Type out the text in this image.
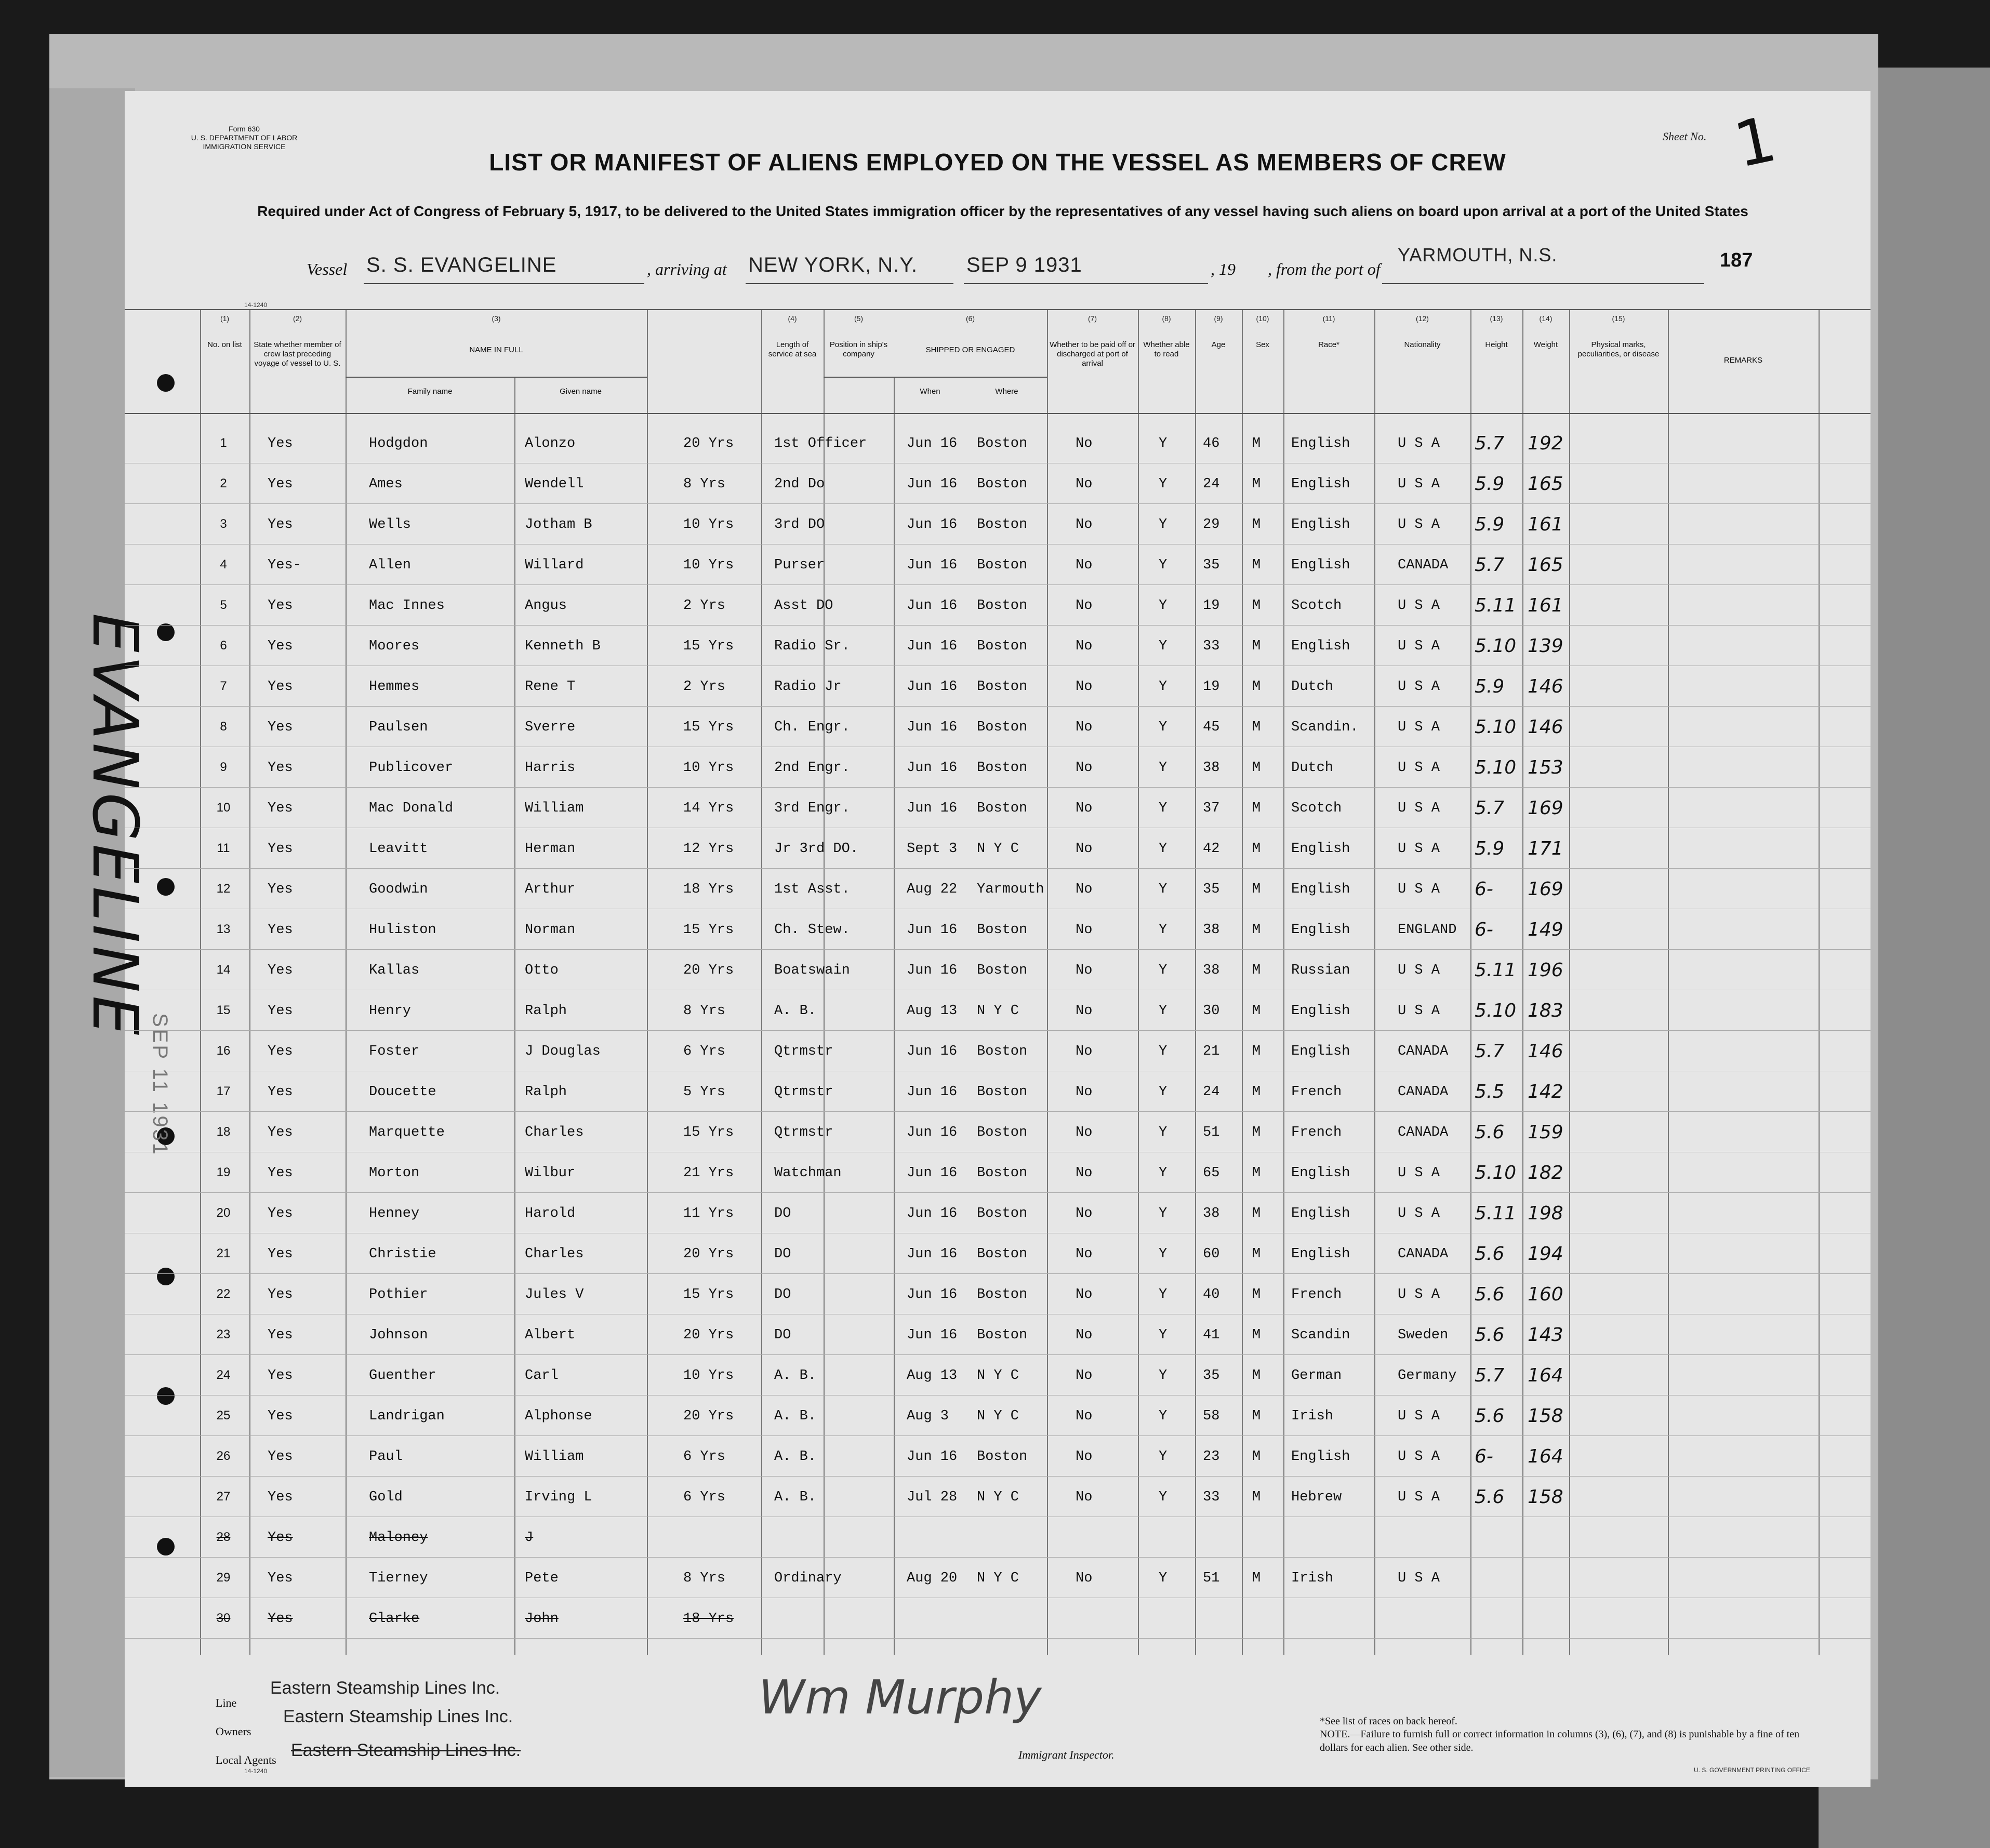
Form 630
U. S. DEPARTMENT OF LABOR
IMMIGRATION SERVICE
Sheet No. 1
LIST OR MANIFEST OF ALIENS EMPLOYED ON THE VESSEL AS MEMBERS OF CREW
Required under Act of Congress of February 5, 1917, to be delivered to the United States immigration officer by the representatives of any vessel having such aliens on board upon arrival at a port of the United States
Vessel S. S. EVANGELINE	, arriving at NEW YORK, N.Y. SEP 9 1931	, 19 , from the port of
YARMOUTH, N.S.	187
14-1240
EVANGELINE
SEP 11 1931
(1)
No. on list
(2)
State whether member of crew last preceding voyage of vessel to U. S.
(3)
NAME IN FULL
(4)
Length of service at sea
(5)
Position in ship's company
(6)
SHIPPED OR ENGAGED
(7)
Whether to be paid off or discharged at port of arrival
(8)
Whether able to read
(9)
Age
(10)
Sex
(11)
Race*
(12)
Nationality
(13)
Height
(14)
Weight
(15)
Physical marks, peculiarities, or disease
REMARKS
Family name	Given name	When	Where
1	Yes	Hodgdon	Alonzo	20 Yrs	1st Officer	Jun 16 Boston	No	Y	46 M English	U S A 5.7 192
2	Yes	Ames	Wendell	8 Yrs	2nd Do	Jun 16 Boston	No	Y	24 M English	U S A 5.9 165
3	Yes	Wells	Jotham B	10 Yrs	3rd DO	Jun 16 Boston	No	Y	29 M English	U S A 5.9 161
4	Yes-	Allen	Willard	10 Yrs	Purser	Jun 16 Boston	No	Y	35 M English	CANADA 5.7 165
5	Yes	Mac Innes	Angus	2 Yrs	Asst DO	Jun 16 Boston	No	Y	19 M Scotch	U S A 5.11 161
6	Yes	Moores	Kenneth B	15 Yrs	Radio Sr.	Jun 16 Boston	No	Y	33 M English	U S A 5.10 139
7	Yes	Hemmes	Rene T	2 Yrs	Radio Jr	Jun 16 Boston	No	Y	19 M Dutch	U S A 5.9 146
8	Yes	Paulsen	Sverre	15 Yrs	Ch. Engr.	Jun 16 Boston	No	Y	45 M Scandin.	U S A 5.10 146
9	Yes	Publicover	Harris	10 Yrs	2nd Engr.	Jun 16 Boston	No	Y	38 M Dutch	U S A 5.10 153
10	Yes	Mac Donald	William	14 Yrs	3rd Engr.	Jun 16 Boston	No	Y	37 M Scotch	U S A 5.7 169
11	Yes	Leavitt	Herman	12 Yrs	Jr 3rd DO.	Sept 3 N Y C	No	Y	42 M English	U S A 5.9 171
12	Yes	Goodwin	Arthur	18 Yrs	1st Asst.	Aug 22 Yarmouth No	Y	35 M English	U S A 6- 169
13	Yes	Huliston	Norman	15 Yrs	Ch. Stew.	Jun 16 Boston	No	Y	38 M English	ENGLAND 6- 149
14	Yes	Kallas	Otto	20 Yrs	Boatswain	Jun 16 Boston	No	Y	38 M Russian	U S A 5.11 196
15	Yes	Henry	Ralph	8 Yrs	A. B.	Aug 13 N Y C	No	Y	30 M English	U S A 5.10 183
16	Yes	Foster	J Douglas	6 Yrs	Qtrmstr	Jun 16 Boston	No	Y	21 M English	CANADA 5.7 146
17	Yes	Doucette	Ralph	5 Yrs	Qtrmstr	Jun 16 Boston	No	Y	24 M French	CANADA 5.5 142
18	Yes	Marquette	Charles	15 Yrs	Qtrmstr	Jun 16 Boston	No	Y	51 M French	CANADA 5.6 159
19	Yes	Morton	Wilbur	21 Yrs	Watchman	Jun 16 Boston	No	Y	65 M English	U S A 5.10 182
20	Yes	Henney	Harold	11 Yrs	DO	Jun 16 Boston	No	Y	38 M English	U S A 5.11 198
21	Yes	Christie	Charles	20 Yrs	DO	Jun 16 Boston	No	Y	60 M English	CANADA 5.6 194
22	Yes	Pothier	Jules V	15 Yrs	DO	Jun 16 Boston	No	Y	40 M French	U S A 5.6 160
23	Yes	Johnson	Albert	20 Yrs	DO	Jun 16 Boston	No	Y	41 M Scandin	Sweden 5.6 143
24	Yes	Guenther	Carl	10 Yrs	A. B.	Aug 13 N Y C	No	Y	35 M German	Germany 5.7 164
25	Yes	Landrigan	Alphonse	20 Yrs	A. B.	Aug 3 N Y C	No	Y	58 M Irish	U S A 5.6 158
26	Yes	Paul	William	6 Yrs	A. B.	Jun 16 Boston	No	Y	23 M English	U S A 6- 164
27	Yes	Gold	Irving L	6 Yrs	A. B.	Jul 28 N Y C	No	Y	33 M Hebrew	U S A 5.6 158
28	Yes	Maloney	J
29	Yes	Tierney	Pete	8 Yrs	Ordinary	Aug 20 N Y C	No	Y	51 M Irish	U S A
30	Yes	Clarke	John	18 Yrs
Line
Eastern Steamship Lines Inc.
Owners
Eastern Steamship Lines Inc.
Local Agents Eastern Steamship Lines Inc.
14-1240
Wm Murphy
Immigrant Inspector.
*See list of races on back hereof.
NOTE.—Failure to furnish full or correct information in columns (3), (6), (7), and (8) is punishable by a fine of ten dollars for each alien. See other side.
U. S. GOVERNMENT PRINTING OFFICE
